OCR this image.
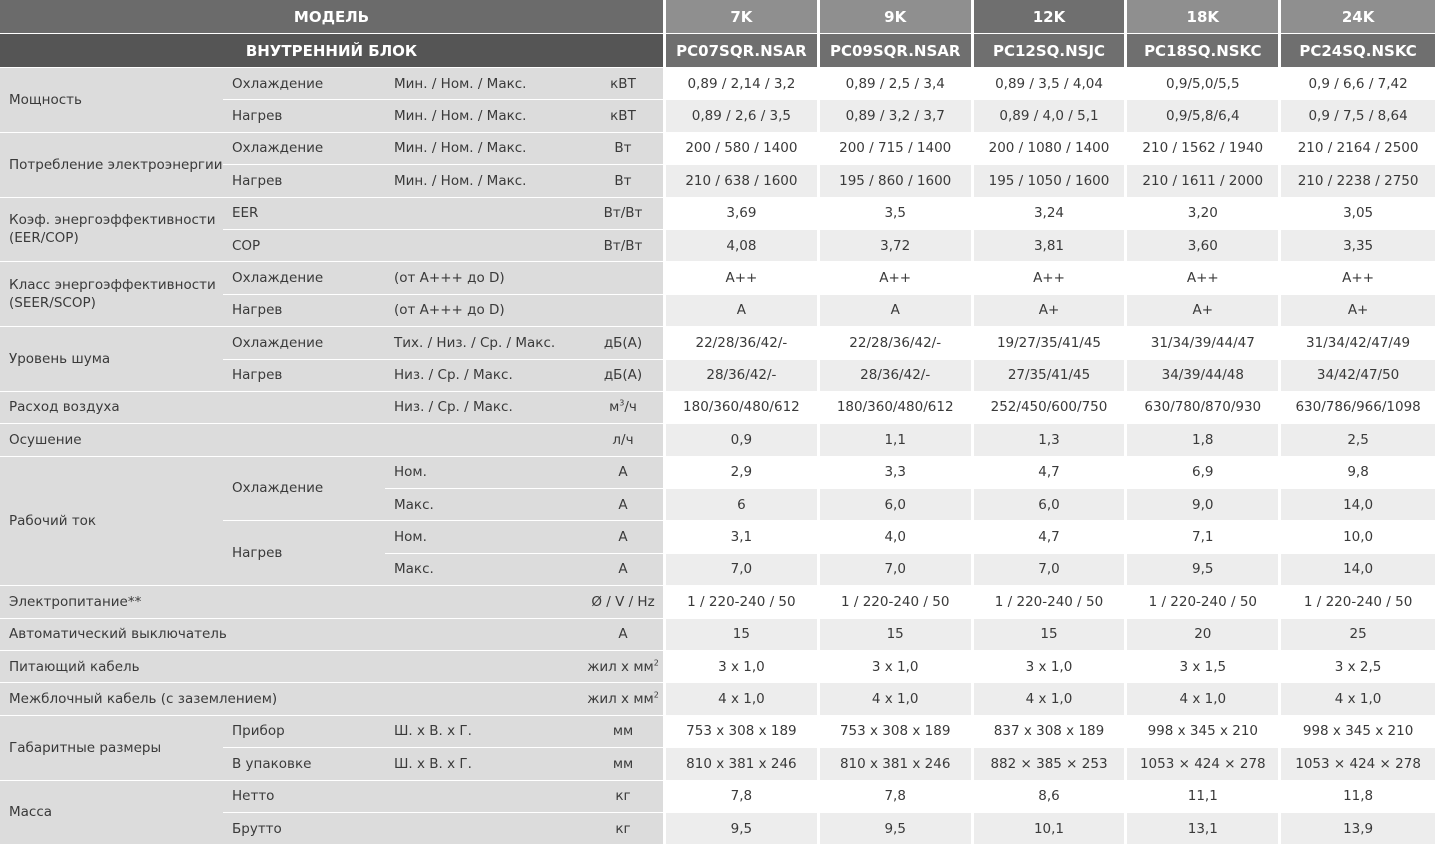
МОДЕЛЬ				7K	9K	12K	18K	24K
ВНУТРЕННИЙ БЛОК				PC07SQR.NSAR	PC09SQR.NSAR	PC12SQ.NSJC	PC18SQ.NSKC	PC24SQ.NSKC
Мощность	Охлаждение	Мин. / Ном. / Макс.	кВТ	0,89 / 2,14 / 3,2	0,89 / 2,5 / 3,4	0,89 / 3,5 / 4,04	0,9/5,0/5,5	0,9 / 6,6 / 7,42
	Нагрев	Мин. / Ном. / Макс.	кВТ	0,89 / 2,6 / 3,5	0,89 / 3,2 / 3,7	0,89 / 4,0 / 5,1	0,9/5,8/6,4	0,9 / 7,5 / 8,64
Потребление электроэнергии	Охлаждение	Мин. / Ном. / Макс.	Вт	200 / 580 / 1400	200 / 715 / 1400	200 / 1080 / 1400	210 / 1562 / 1940	210 / 2164 / 2500
	Нагрев	Мин. / Ном. / Макс.	Вт	210 / 638 / 1600	195 / 860 / 1600	195 / 1050 / 1600	210 / 1611 / 2000	210 / 2238 / 2750
Коэф. энергоэффективности (EER/COP)	EER		Вт/Вт	3,69	3,5	3,24	3,20	3,05
	COP		Вт/Вт	4,08	3,72	3,81	3,60	3,35
Класс энергоэффективности (SEER/SCOP)	Охлаждение	(от А+++ до D)		A++	A++	A++	A++	A++
	Нагрев	(от А+++ до D)		A	A	A+	A+	A+
Уровень шума	Охлаждение	Тих. / Низ. / Ср. / Макс.	дБ(А)	22/28/36/42/-	22/28/36/42/-	19/27/35/41/45	31/34/39/44/47	31/34/42/47/49
	Нагрев	Низ. / Ср. / Макс.	дБ(А)	28/36/42/-	28/36/42/-	27/35/41/45	34/39/44/48	34/42/47/50
Расход воздуха		Низ. / Ср. / Макс.	$м^3/ч$	180/360/480/612	180/360/480/612	252/450/600/750	630/780/870/930	630/786/966/1098
Осушение			л/ч	0,9	1,1	1,3	1,8	2,5
Рабочий ток	Охлаждение	Ном.	А	2,9	3,3	4,7	6,9	9,8
		Макс.	А	6	6,0	6,0	9,0	14,0
	Нагрев	Ном.	А	3,1	4,0	4,7	7,1	10,0
		Макс.	А	7,0	7,0	7,0	9,5	14,0
Электропитание**			Ø / V / Hz	1 / 220-240 / 50	1 / 220-240 / 50	1 / 220-240 / 50	1 / 220-240 / 50	1 / 220-240 / 50
Автоматический выключатель			А	15	15	15	20	25
Питающий кабель			жил х $мм^2$	3 x 1,0	3 x 1,0	3 x 1,0	3 x 1,5	3 x 2,5
Межблочный кабель (с заземлением)			жил х $мм^2$	4 x 1,0	4 x 1,0	4 x 1,0	4 x 1,0	4 x 1,0
Габаритные размеры	Прибор	Ш. х В. х Г.	мм	753 x 308 x 189	753 x 308 x 189	837 x 308 x 189	998 x 345 x 210	998 x 345 x 210
	В упаковке	Ш. х В. х Г.	мм	810 x 381 x 246	810 x 381 x 246	882 × 385 × 253	1053 × 424 × 278	1053 × 424 × 278
Масса	Нетто		кг	7,8	7,8	8,6	11,1	11,8
	Брутто		кг	9,5	9,5	10,1	13,1	13,9
